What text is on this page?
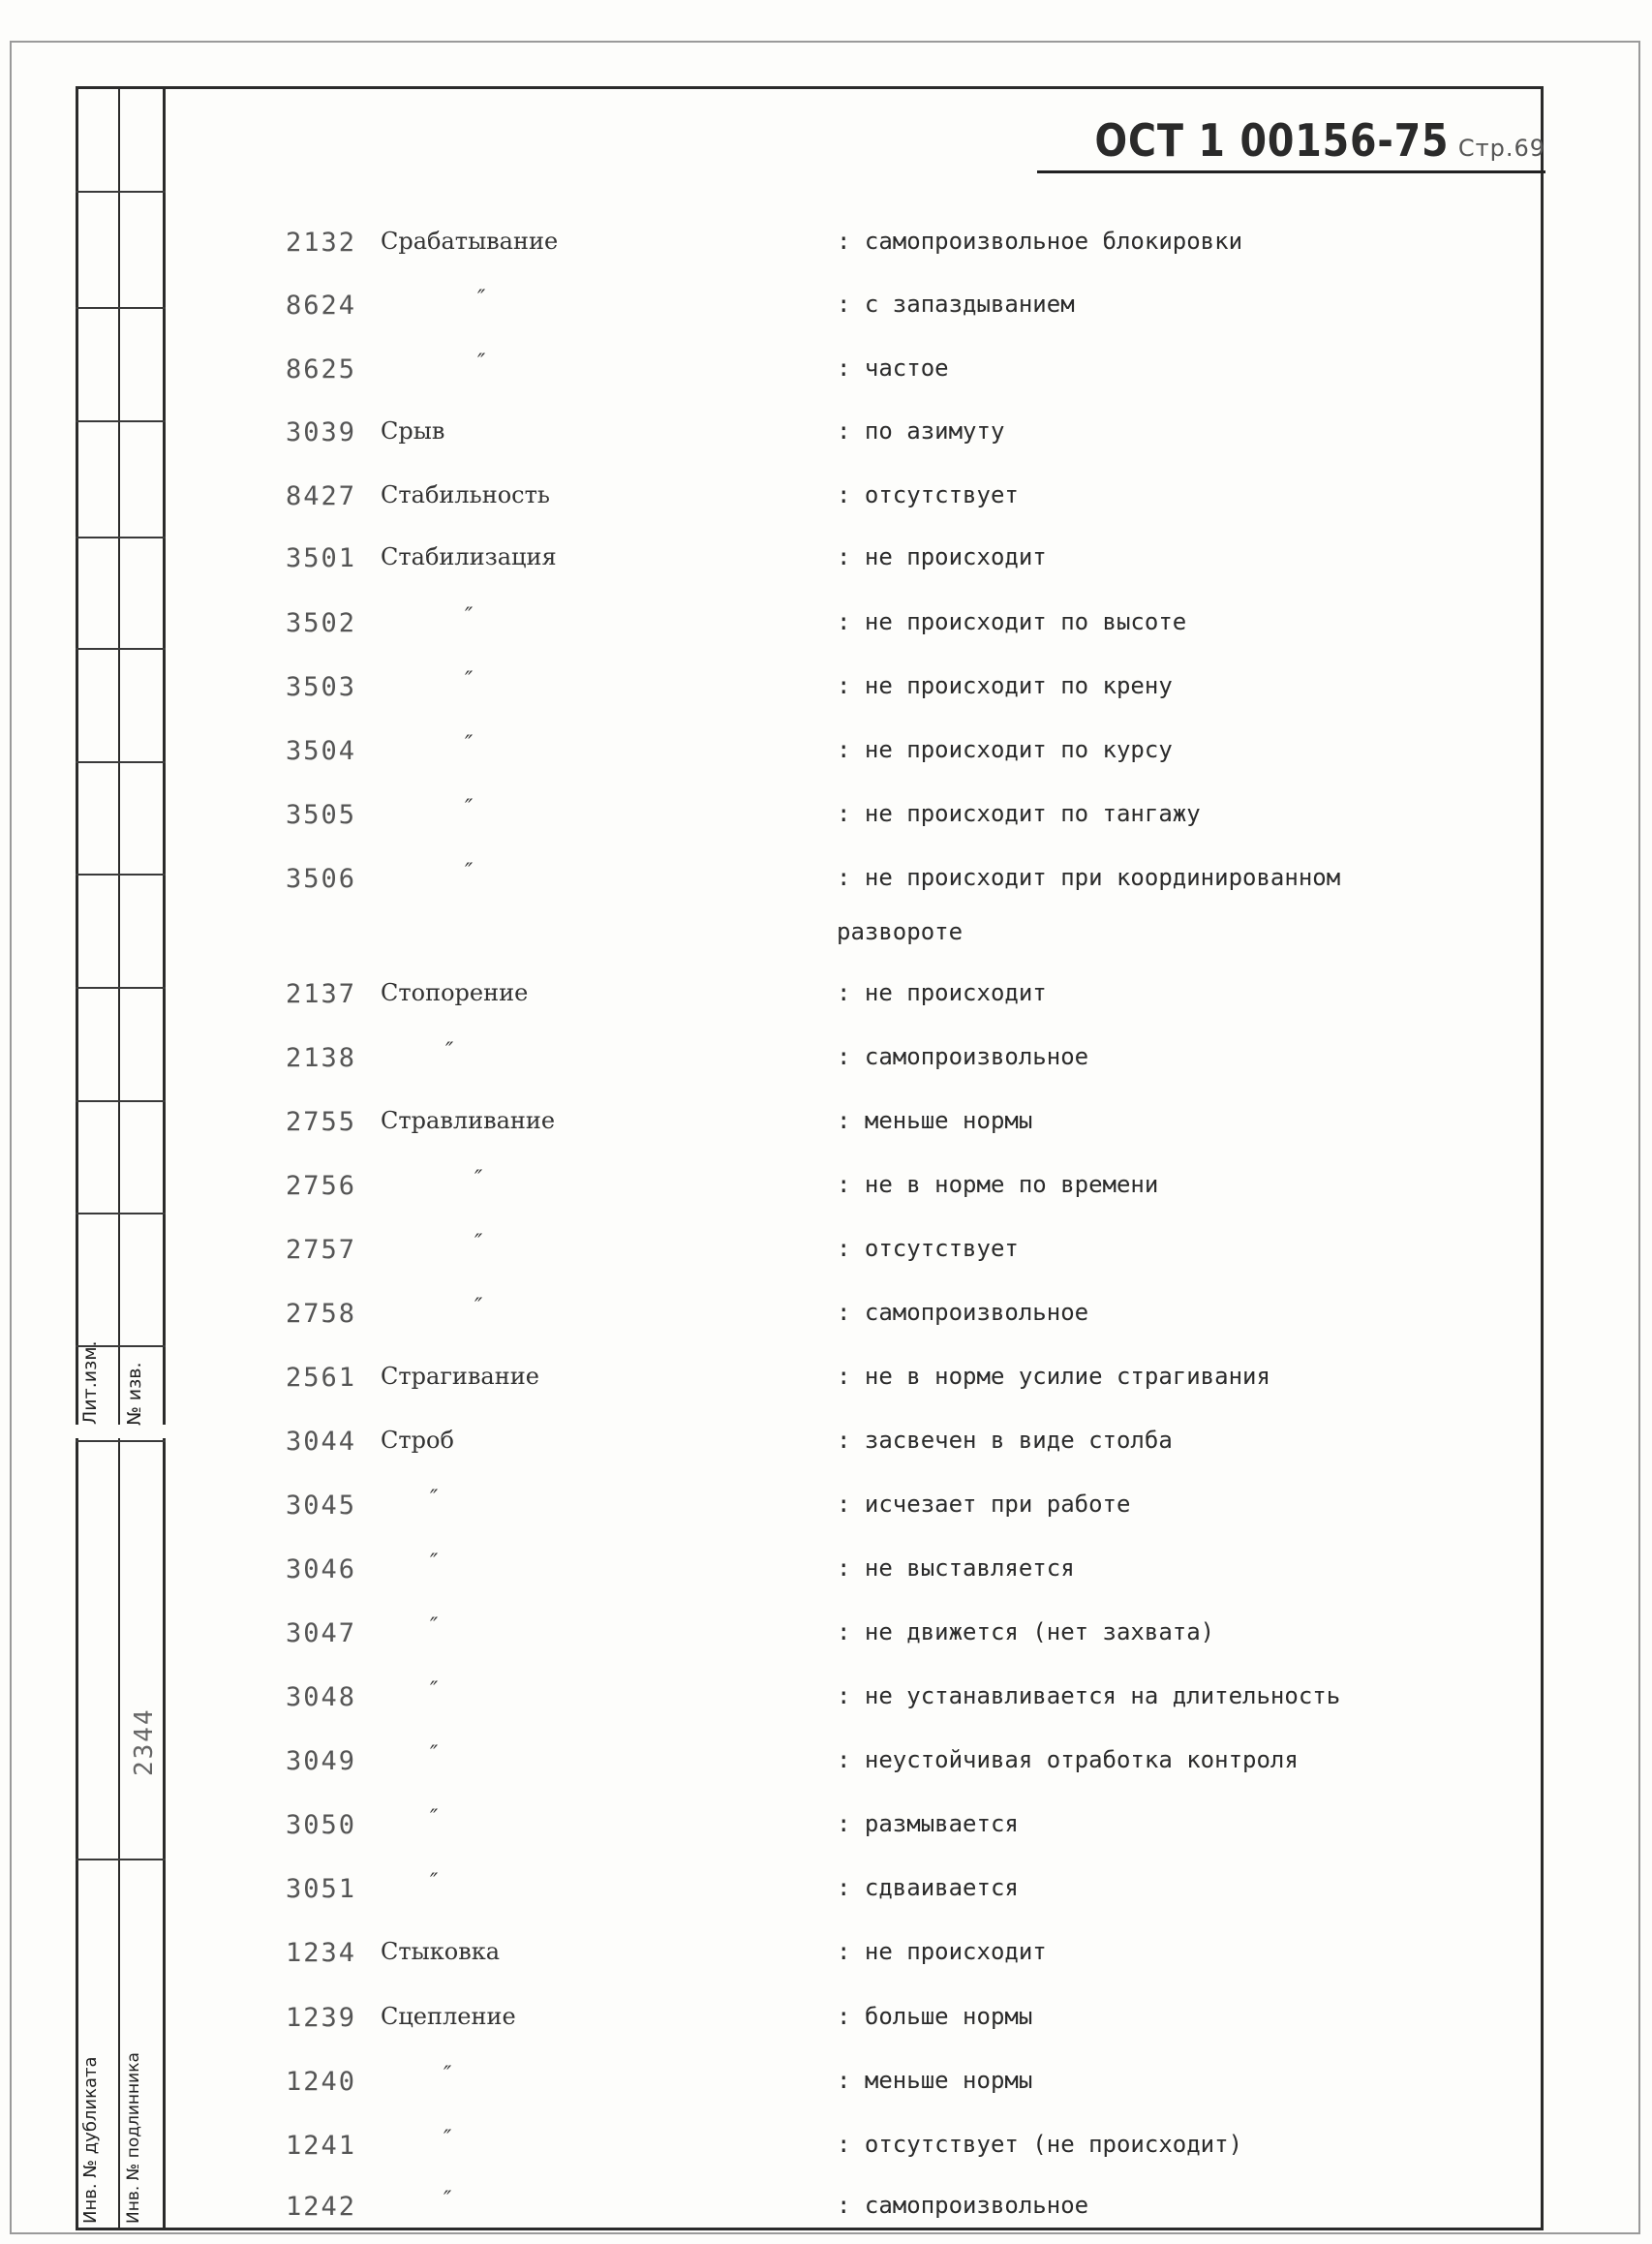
Лит.изм. № изв.
2344
Инв. № дубликата Инв. № подлинника
ОСТ 1 00156-75 Стр.69
2132 Срабатывание	: самопроизвольное блокировки
8624	″	: с запаздыванием
8625	″	: частое
3039 Срыв	: по азимуту
8427 Стабильность	: отсутствует
3501 Стабилизация	: не происходит
3502	″	: не происходит по высоте
3503	″	: не происходит по крену
3504	″	: не происходит по курсу
3505	″	: не происходит по тангажу
3506	″	: не происходит при координированном
развороте
2137 Стопорение	: не происходит
2138	″	: самопроизвольное
2755 Стравливание	: меньше нормы
2756	″	: не в норме по времени
2757	″	: отсутствует
2758	″	: самопроизвольное
2561 Страгивание	: не в норме усилие страгивания
3044 Строб	: засвечен в виде столба
3045	″	: исчезает при работе
3046	″	: не выставляется
3047	″	: не движется (нет захвата)
3048	″	: не устанавливается на длительность
3049	″	: неустойчивая отработка контроля
3050	″	: размывается
3051	″	: сдваивается
1234 Стыковка	: не происходит
1239 Сцепление	: больше нормы
1240	″	: меньше нормы
1241	″	: отсутствует (не происходит)
1242	″	: самопроизвольное
